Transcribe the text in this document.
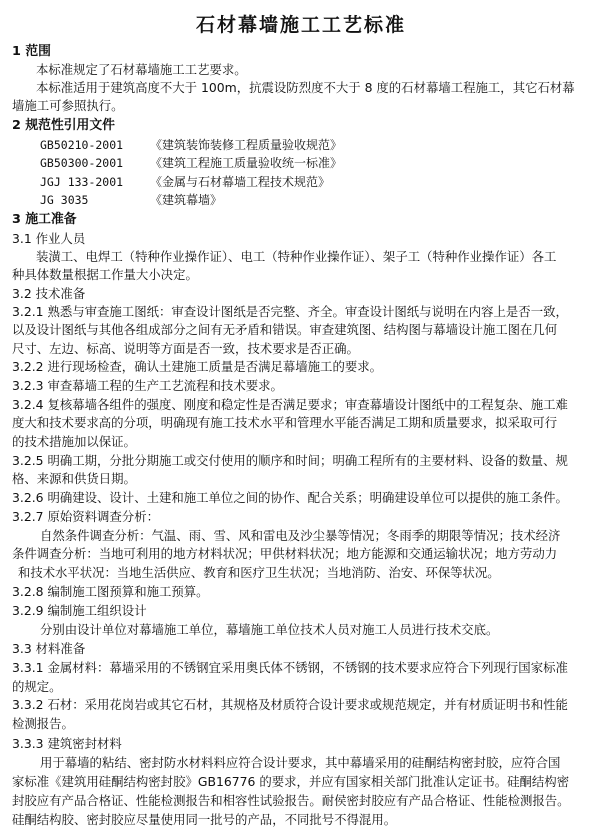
石材幕墙施工工艺标准
1 范围
本标准规定了石材幕墙施工工艺要求。
本标准适用于建筑高度不大于 100m，抗震设防烈度不大于 8 度的石材幕墙工程施工，其它石材幕
墙施工可参照执行。
2 规范性引用文件
GB50210-2001 《建筑装饰装修工程质量验收规范》
GB50300-2001 《建筑工程施工质量验收统一标准》
JGJ 133-2001 《金属与石材幕墙工程技术规范》
JG 3035	《建筑幕墙》
3 施工准备
3.1 作业人员
装潢工、电焊工（特种作业操作证）、电工（特种作业操作证）、架子工（特种作业操作证）各工
种具体数量根据工作量大小决定。
3.2 技术准备
3.2.1 熟悉与审查施工图纸：审查设计图纸是否完整、齐全。审查设计图纸与说明在内容上是否一致，
以及设计图纸与其他各组成部分之间有无矛盾和错误。审查建筑图、结构图与幕墙设计施工图在几何
尺寸、左边、标高、说明等方面是否一致，技术要求是否正确。
3.2.2 进行现场检查，确认土建施工质量是否满足幕墙施工的要求。
3.2.3 审查幕墙工程的生产工艺流程和技术要求。
3.2.4 复核幕墙各组件的强度、刚度和稳定性是否满足要求；审查幕墙设计图纸中的工程复杂、施工难
度大和技术要求高的分项，明确现有施工技术水平和管理水平能否满足工期和质量要求，拟采取可行
的技术措施加以保证。
3.2.5 明确工期，分批分期施工或交付使用的顺序和时间；明确工程所有的主要材料、设备的数量、规
格、来源和供货日期。
3.2.6 明确建设、设计、土建和施工单位之间的协作、配合关系；明确建设单位可以提供的施工条件。
3.2.7 原始资料调查分析：
自然条件调查分析：气温、雨、雪、风和雷电及沙尘暴等情况；冬雨季的期限等情况；技术经济
条件调查分析：当地可利用的地方材料状况；甲供材料状况；地方能源和交通运输状况；地方劳动力
和技术水平状况：当地生活供应、教育和医疗卫生状况；当地消防、治安、环保等状况。
3.2.8 编制施工图预算和施工预算。
3.2.9 编制施工组织设计
分别由设计单位对幕墙施工单位，幕墙施工单位技术人员对施工人员进行技术交底。
3.3 材料准备
3.3.1 金属材料：幕墙采用的不锈钢宜采用奥氏体不锈钢，不锈钢的技术要求应符合下列现行国家标准
的规定。
3.3.2 石材：采用花岗岩或其它石材，其规格及材质符合设计要求或规范规定，并有材质证明书和性能
检测报告。
3.3.3 建筑密封材料
用于幕墙的粘结、密封防水材料料应符合设计要求，其中幕墙采用的硅酮结构密封胶，应符合国
家标准《建筑用硅酮结构密封胶》GB16776 的要求，并应有国家相关部门批准认定证书。硅酮结构密
封胶应有产品合格证、性能检测报告和相容性试验报告。耐侯密封胶应有产品合格证、性能检测报告。
硅酮结构胶、密封胶应尽量使用同一批号的产品，不同批号不得混用。
